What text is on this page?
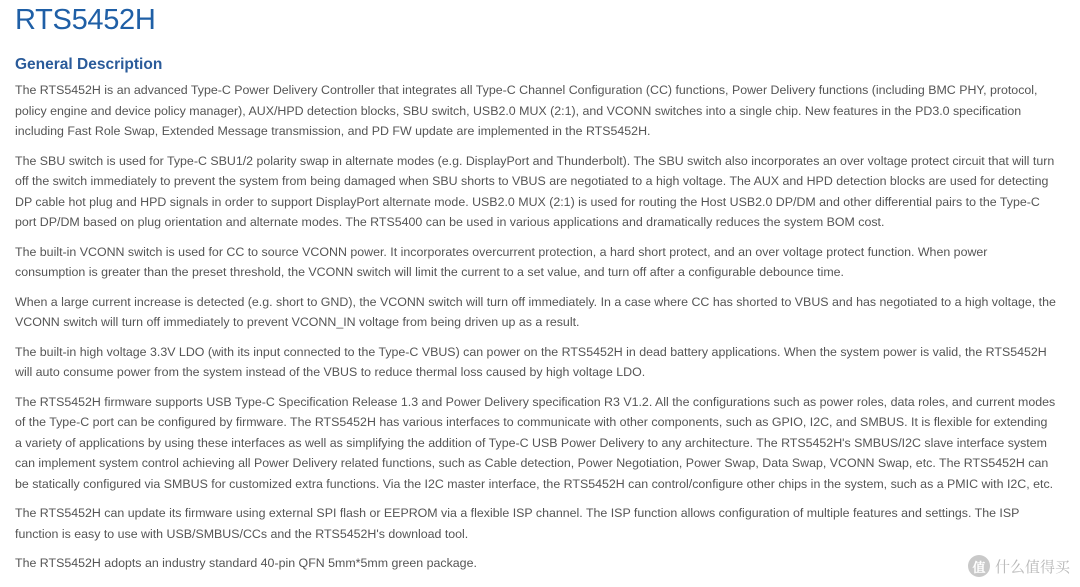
RTS5452H
General Description

The RTS5452H is an advanced Type-C Power Delivery Controller that integrates all Type-C Channel Configuration (CC) functions, Power Delivery functions (including BMC PHY, protocol, policy engine and device policy manager), AUX/HPD detection blocks, SBU switch, USB2.0 MUX (2:1), and VCONN switches into a single chip. New features in the PD3.0 specification including Fast Role Swap, Extended Message transmission, and PD FW update are implemented in the RTS5452H.

The SBU switch is used for Type-C SBU1/2 polarity swap in alternate modes (e.g. DisplayPort and Thunderbolt). The SBU switch also incorporates an over voltage protect circuit that will turn off the switch immediately to prevent the system from being damaged when SBU shorts to VBUS are negotiated to a high voltage. The AUX and HPD detection blocks are used for detecting DP cable hot plug and HPD signals in order to support DisplayPort alternate mode. USB2.0 MUX (2:1) is used for routing the Host USB2.0 DP/DM and other differential pairs to the Type-C port DP/DM based on plug orientation and alternate modes. The RTS5400 can be used in various applications and dramatically reduces the system BOM cost.

The built-in VCONN switch is used for CC to source VCONN power. It incorporates overcurrent protection, a hard short protect, and an over voltage protect function. When power consumption is greater than the preset threshold, the VCONN switch will limit the current to a set value, and turn off after a configurable debounce time.

When a large current increase is detected (e.g. short to GND), the VCONN switch will turn off immediately. In a case where CC has shorted to VBUS and has negotiated to a high voltage, the VCONN switch will turn off immediately to prevent VCONN_IN voltage from being driven up as a result.

The built-in high voltage 3.3V LDO (with its input connected to the Type-C VBUS) can power on the RTS5452H in dead battery applications. When the system power is valid, the RTS5452H will auto consume power from the system instead of the VBUS to reduce thermal loss caused by high voltage LDO.

The RTS5452H firmware supports USB Type-C Specification Release 1.3 and Power Delivery specification R3 V1.2. All the configurations such as power roles, data roles, and current modes of the Type-C port can be configured by firmware. The RTS5452H has various interfaces to communicate with other components, such as GPIO, I2C, and SMBUS. It is flexible for extending a variety of applications by using these interfaces as well as simplifying the addition of Type-C USB Power Delivery to any architecture. The RTS5452H's SMBUS/I2C slave interface system can implement system control achieving all Power Delivery related functions, such as Cable detection, Power Negotiation, Power Swap, Data Swap, VCONN Swap, etc. The RTS5452H can be statically configured via SMBUS for customized extra functions. Via the I2C master interface, the RTS5452H can control/configure other chips in the system, such as a PMIC with I2C, etc.

The RTS5452H can update its firmware using external SPI flash or EEPROM via a flexible ISP channel. The ISP function allows configuration of multiple features and settings. The ISP function is easy to use with USB/SMBUS/CCs and the RTS5452H's download tool.

The RTS5452H adopts an industry standard 40-pin QFN 5mm*5mm green package.	值 什么值得买
